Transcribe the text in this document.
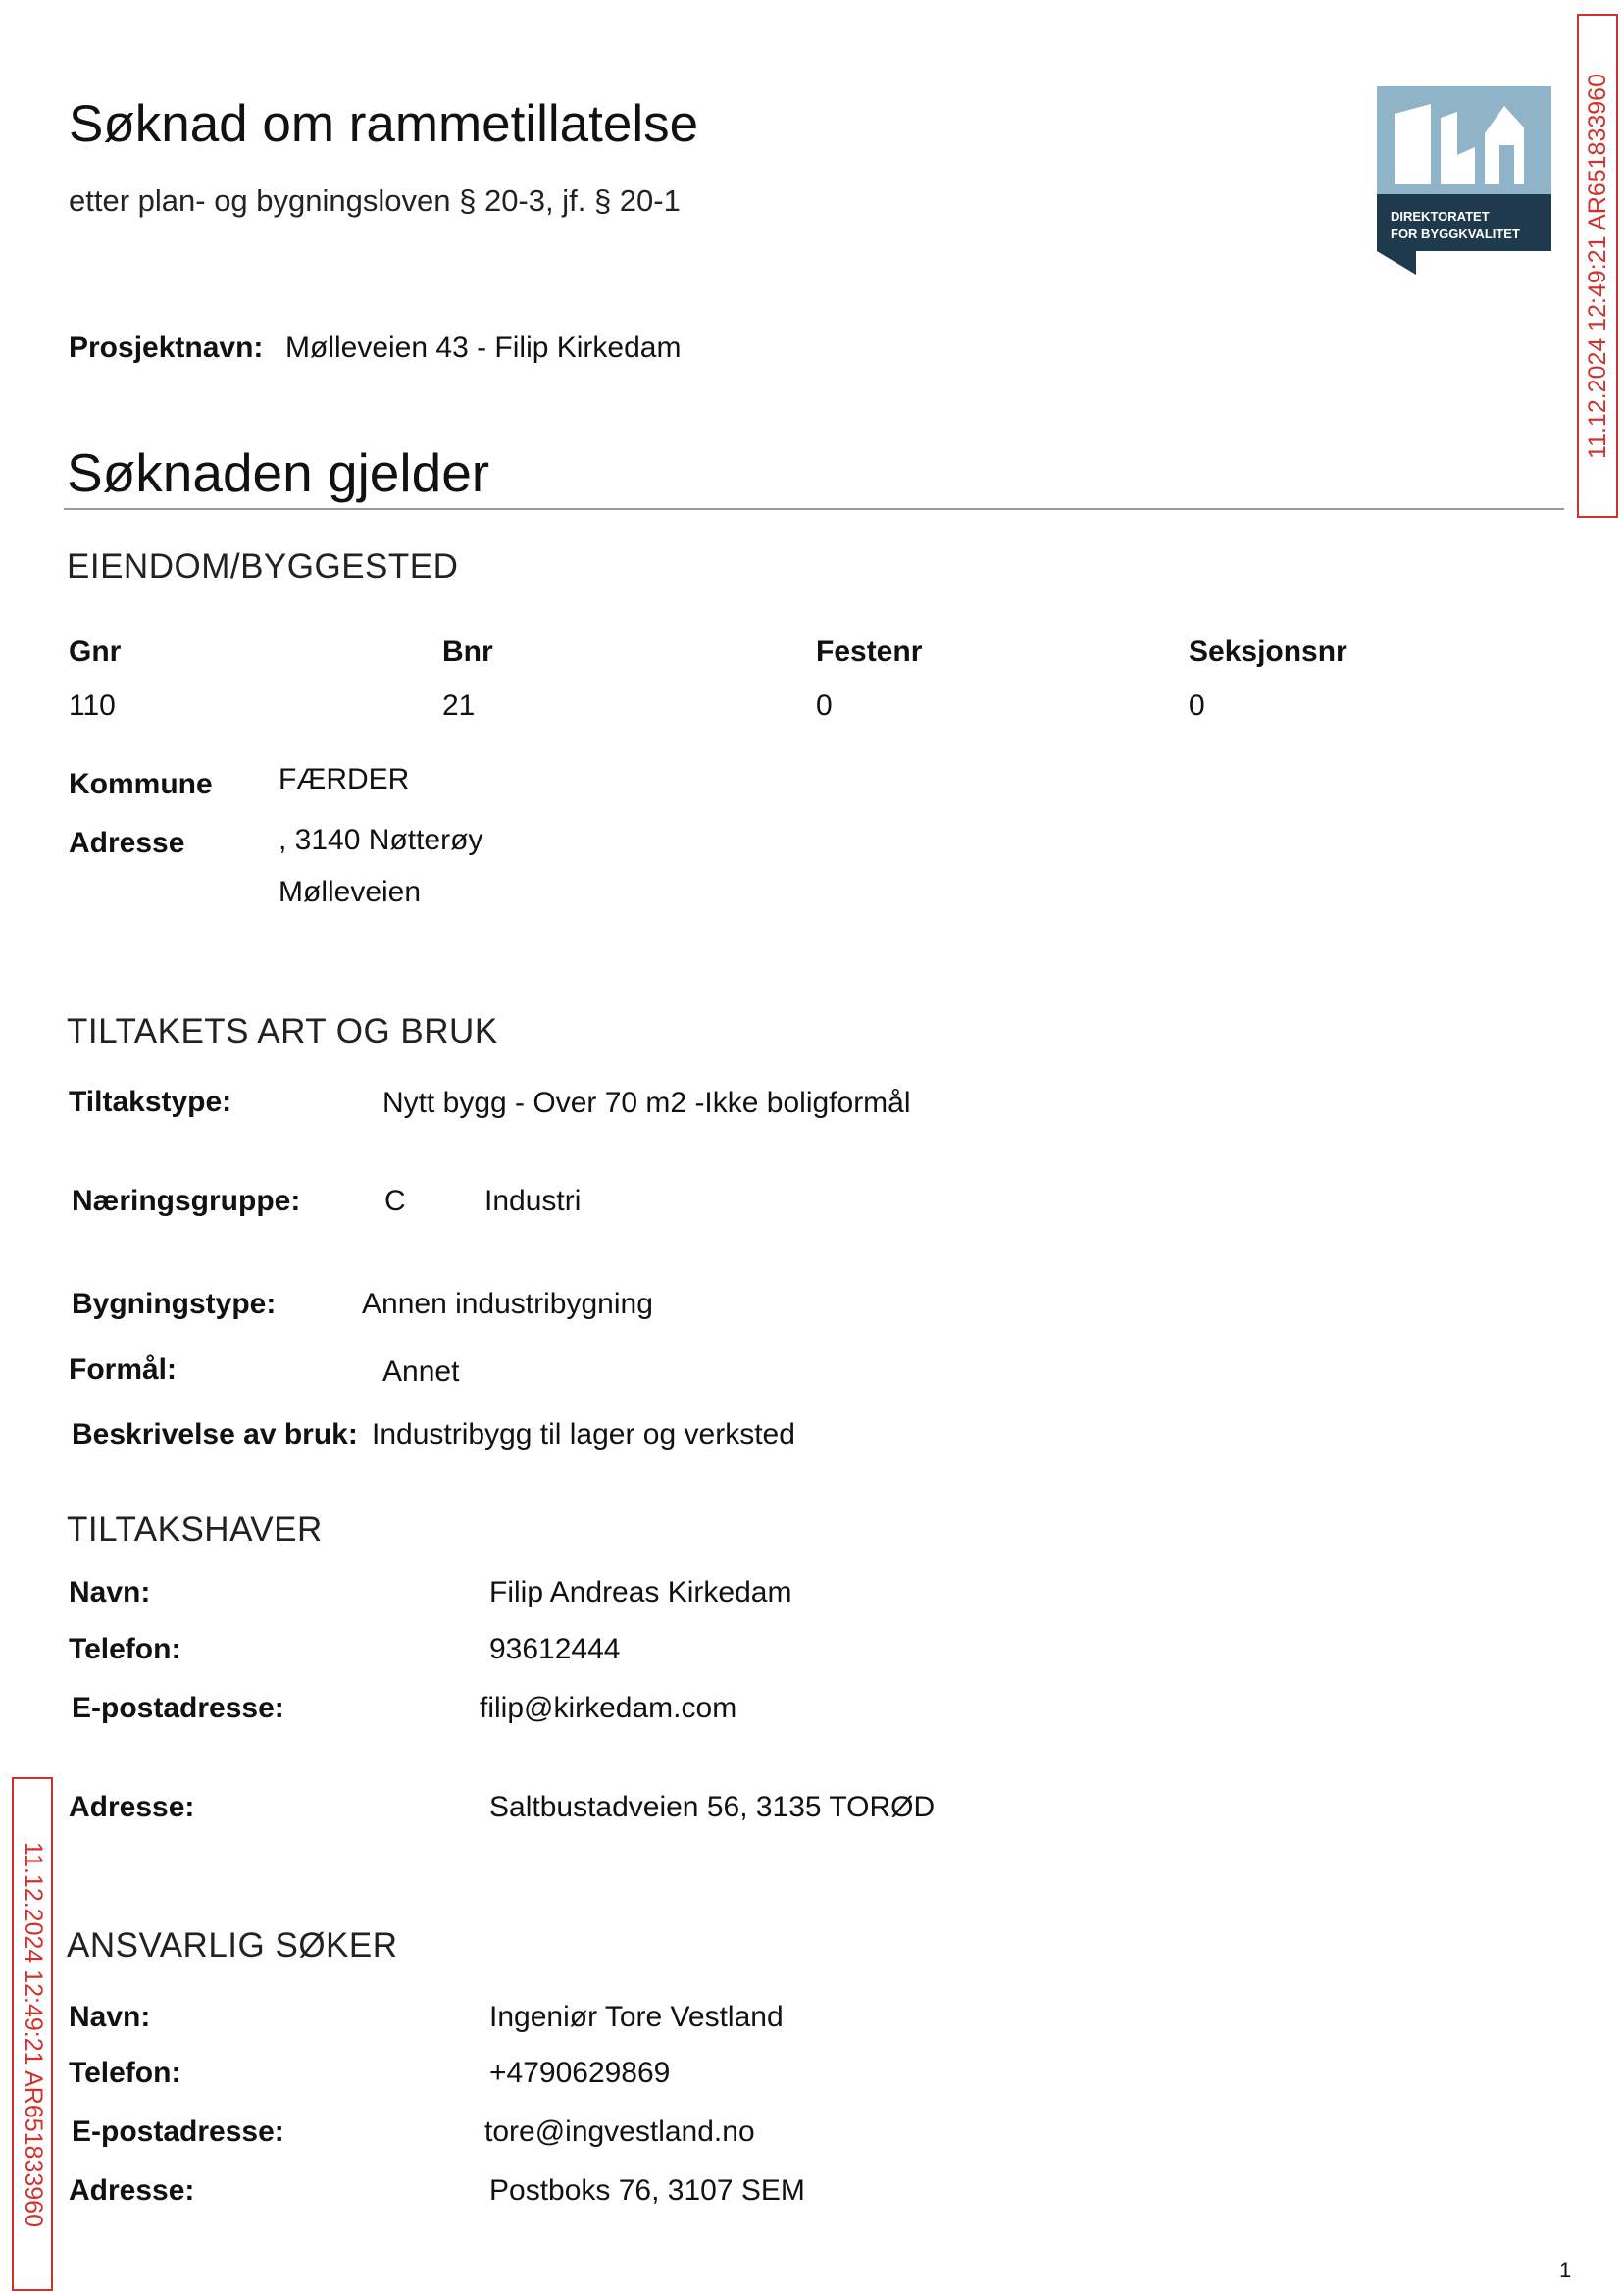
Søknad om rammetillatelse
etter plan- og bygningsloven § 20-3, jf. § 20-1	DIREKTORATET
FOR BYGGKVALITET	11.12.2024 12:49:21 AR651833960
Prosjektnavn: Mølleveien 43 - Filip Kirkedam
Søknaden gjelder
EIENDOM/BYGGESTED
Gnr	Bnr	Festenr	Seksjonsnr
110	21	0	0
Kommune FÆRDER
Adresse	, 3140 Nøtterøy
Mølleveien
TILTAKETS ART OG BRUK
Tiltakstype:	Nytt bygg - Over 70 m2 -Ikke boligformål
Næringsgruppe:	C	Industri
Bygningstype:	Annen industribygning
Formål:	Annet
Beskrivelse av bruk: Industribygg til lager og verksted
TILTAKSHAVER
Navn:	Filip Andreas Kirkedam
Telefon:	93612444
E-postadresse:	filip@kirkedam.com
Adresse:	Saltbustadveien 56, 3135 TORØD
ANSVARLIG SØKER
Navn:	Ingeniør Tore Vestland
Telefon:	+4790629869
E-postadresse:	tore@ingvestland.no
Adresse:	Postboks 76, 3107 SEM
11.12.2024 12:49:21 AR651833960
1
